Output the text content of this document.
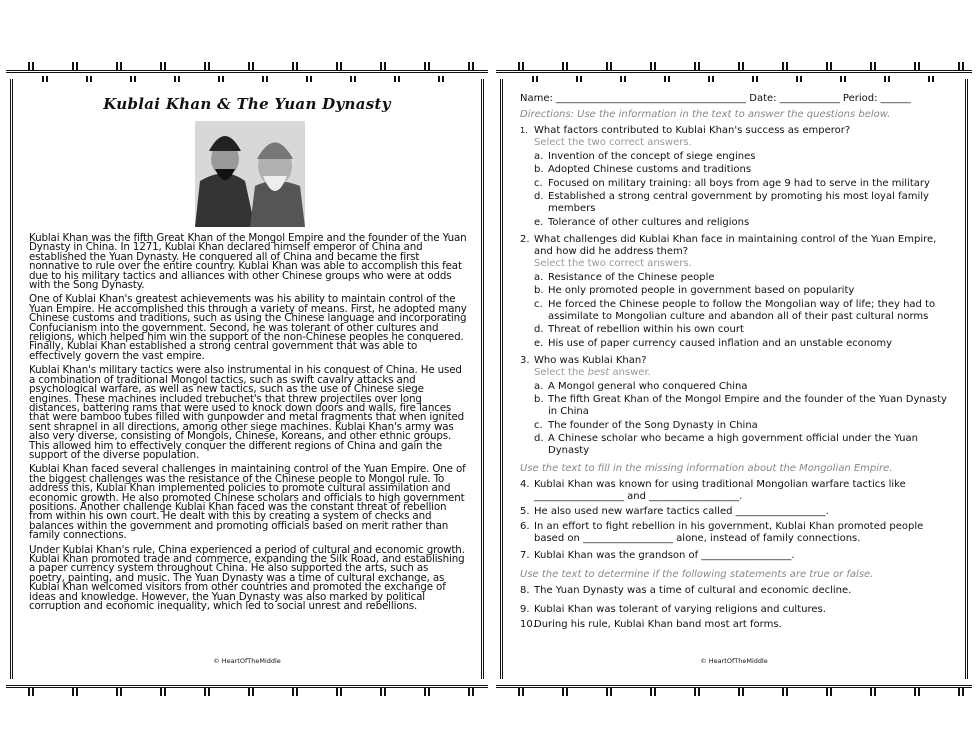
Kublai Khan & The Yuan Dynasty

Kublai Khan was the fifth Great Khan of the Mongol Empire and the founder of the Yuan Dynasty in China. In 1271, Kublai Khan declared himself emperor of China and established the Yuan Dynasty. He conquered all of China and became the first nonnative to rule over the entire country. Kublai Khan was able to accomplish this feat due to his military tactics and alliances with other Chinese groups who were at odds with the Song Dynasty.

One of Kublai Khan's greatest achievements was his ability to maintain control of the Yuan Empire. He accomplished this through a variety of means. First, he adopted many Chinese customs and traditions, such as using the Chinese language and incorporating Confucianism into the government. Second, he was tolerant of other cultures and religions, which helped him win the support of the non-Chinese peoples he conquered. Finally, Kublai Khan established a strong central government that was able to effectively govern the vast empire.

Kublai Khan's military tactics were also instrumental in his conquest of China. He used a combination of traditional Mongol tactics, such as swift cavalry attacks and psychological warfare, as well as new tactics, such as the use of Chinese siege engines. These machines included trebuchet's that threw projectiles over long distances, battering rams that were used to knock down doors and walls, fire lances that were bamboo tubes filled with gunpowder and metal fragments that when ignited sent shrapnel in all directions, among other siege machines. Kublai Khan's army was also very diverse, consisting of Mongols, Chinese, Koreans, and other ethnic groups. This allowed him to effectively conquer the different regions of China and gain the support of the diverse population.

Kublai Khan faced several challenges in maintaining control of the Yuan Empire. One of the biggest challenges was the resistance of the Chinese people to Mongol rule. To address this, Kublai Khan implemented policies to promote cultural assimilation and economic growth. He also promoted Chinese scholars and officials to high government positions. Another challenge Kublai Khan faced was the constant threat of rebellion from within his own court. He dealt with this by creating a system of checks and balances within the government and promoting officials based on merit rather than family connections.

Under Kublai Khan's rule, China experienced a period of cultural and economic growth. Kublai Khan promoted trade and commerce, expanding the Silk Road, and establishing a paper currency system throughout China. He also supported the arts, such as poetry, painting, and music. The Yuan Dynasty was a time of cultural exchange, as Kublai Khan welcomed visitors from other countries and promoted the exchange of ideas and knowledge. However, the Yuan Dynasty was also marked by political corruption and economic inequality, which led to social unrest and rebellions.

© HeartOfTheMiddle
Name: ______________________________________ Date: ____________ Period: ______
Directions: Use the information in the text to answer the questions below.
1. What factors contributed to Kublai Khan's success as emperor?
Select the two correct answers.
a. Invention of the concept of siege engines
b. Adopted Chinese customs and traditions
c. Focused on military training: all boys from age 9 had to serve in the military
d. Established a strong central government by promoting his most loyal family members
e. Tolerance of other cultures and religions
2. What challenges did Kublai Khan face in maintaining control of the Yuan Empire, and how did he address them?
Select the two correct answers.
a. Resistance of the Chinese people
b. He only promoted people in government based on popularity
c. He forced the Chinese people to follow the Mongolian way of life; they had to assimilate to Mongolian culture and abandon all of their past cultural norms
d. Threat of rebellion within his own court
e. His use of paper currency caused inflation and an unstable economy
3. Who was Kublai Khan?
Select the best answer.
a. A Mongol general who conquered China
b. The fifth Great Khan of the Mongol Empire and the founder of the Yuan Dynasty in China
c. The founder of the Song Dynasty in China
d. A Chinese scholar who became a high government official under the Yuan Dynasty
Use the text to fill in the missing information about the Mongolian Empire.
4. Kublai Khan was known for using traditional Mongolian warfare tactics like __________________ and __________________.
5. He also used new warfare tactics called __________________.
6. In an effort to fight rebellion in his government, Kublai Khan promoted people based on __________________ alone, instead of family connections.
7. Kublai Khan was the grandson of __________________.
Use the text to determine if the following statements are true or false.
8. The Yuan Dynasty was a time of cultural and economic decline.
9. Kublai Khan was tolerant of varying religions and cultures.
10.
During his rule, Kublai Khan band most art forms.
© HeartOfTheMiddle
